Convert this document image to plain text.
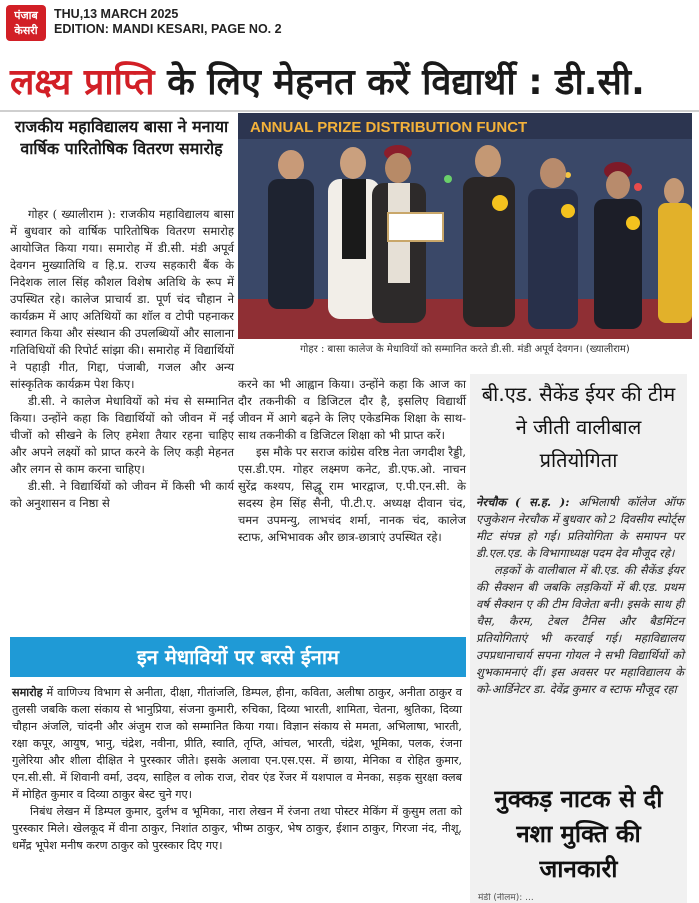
पंजाब
केसरी
THU,13 MARCH 2025
EDITION: MANDI KESARI, PAGE NO. 2
लक्ष्य प्राप्ति के लिए मेहनत करें विद्यार्थी : डी.सी.
राजकीय महाविद्यालय बासा ने मनाया वार्षिक पारितोषिक वितरण समारोह

गोहर ( ख्यालीराम ): राजकीय महाविद्यालय बासा में बुधवार को वार्षिक पारितोषिक वितरण समारोह आयोजित किया गया। समारोह में डी.सी. मंडी अपूर्व देवगन मुख्यातिथि व हि.प्र. राज्य सहकारी बैंक के निदेशक लाल सिंह कौशल विशेष अतिथि के रूप में उपस्थित रहे। कालेज प्राचार्य डा. पूर्ण चंद चौहान ने कार्यक्रम में आए अतिथियों का शॉल व टोपी पहनाकर स्वागत किया और संस्थान की उपलब्धियों और सालाना गतिविधियों की रिपोर्ट सांझा की। समारोह में विद्यार्थियों ने पहाड़ी गीत, गिद्दा, पंजाबी, गजल और अन्य सांस्कृतिक कार्यक्रम पेश किए।

डी.सी. ने कालेज मेधावियों को मंच से सम्मानित किया। उन्होंने कहा कि विद्यार्थियों को जीवन में नई चीजों को सीखने के लिए हमेशा तैयार रहना चाहिए और अपने लक्ष्यों को प्राप्त करने के लिए कड़ी मेहनत और लगन से काम करना चाहिए।

डी.सी. ने विद्यार्थियों को जीवन में किसी भी कार्य को अनुशासन व निष्ठा से

ANNUAL PRIZE DISTRIBUTION FUNCT
गोहर : बासा कालेज के मेधावियों को सम्मानित करते डी.सी. मंडी अपूर्व देवगन। (ख्यालीराम)

करने का भी आह्वान किया। उन्होंने कहा कि आज का दौर तकनीकी व डिजिटल दौर है, इसलिए विद्यार्थी जीवन में आगे बढ़ने के लिए एकेडमिक शिक्षा के साथ-साथ तकनीकी व डिजिटल शिक्षा को भी प्राप्त करें।

इस मौके पर सराज कांग्रेस वरिष्ठ नेता जगदीश रैड्डी, एस.डी.एम. गोहर लक्ष्मण कनेट, डी.एफ.ओ. नाचन सुरेंद्र कश्यप, सिद्धू राम भारद्वाज, ए.पी.एन.सी. के सदस्य हेम सिंह सैनी, पी.टी.ए. अध्यक्ष दीवान चंद, चमन उपमन्यु, लाभचंद शर्मा, नानक चंद, कालेज स्टाफ, अभिभावक और छात्र-छात्राएं उपस्थित रहे।

बी.एड. सैकेंड ईयर की टीम ने जीती वालीबाल प्रतियोगिता

नेरचौक ( स.ह. ): अभिलाषी कॉलेज ऑफ एजुकेशन नेरचौक में बुधवार को 2 दिवसीय स्पोर्ट्स मीट संपन्न हो गई। प्रतियोगिता के समापन पर डी.एल.एड. के विभागाध्यक्ष पदम देव मौजूद रहे।

लड़कों के वालीबाल में बी.एड. की सैकेंड ईयर की सैक्शन बी जबकि लड़कियों में बी.एड. प्रथम वर्ष सैक्शन ए की टीम विजेता बनी। इसके साथ ही चैस, कैरम, टेबल टैनिस और बैडमिंटन प्रतियोगिताएं भी करवाई गई। महाविद्यालय उपप्रधानाचार्य सपना गोयल ने सभी विद्यार्थियों को शुभकामनाएं दीं। इस अवसर पर महाविद्यालय के को-आर्डिनेटर डा. देवेंद्र कुमार व स्टाफ मौजूद रहा

नुक्कड़ नाटक से दी नशा मुक्ति की जानकारी
मंडी (नीलम): ...
इन मेधावियों पर बरसे ईनाम

समारोह में वाणिज्य विभाग से अनीता, दीक्षा, गीतांजलि, डिम्पल, हीना, कविता, अलीषा ठाकुर, अनीता ठाकुर व तुलसी जबकि कला संकाय से भानुप्रिया, संजना कुमारी, रुचिका, दिव्या भारती, शामिता, चेतना, श्रुतिका, दिव्या चौहान अंजलि, चांदनी और अंजुम राज को सम्मानित किया गया। विज्ञान संकाय से ममता, अभिलाषा, भारती, रक्षा कपूर, आयुष, भानु, चंद्रेश, नवीना, प्रीति, स्वाति, तृप्ति, आंचल, भारती, चंद्रेश, भूमिका, पलक, रंजना गुलेरिया और शीला दीक्षित ने पुरस्कार जीते। इसके अलावा एन.एस.एस. में छाया, मेनिका व रोहित कुमार, एन.सी.सी. में शिवानी वर्मा, उदय, साहिल व लोक राज, रोवर एंड रेंजर में यशपाल व मेनका, सड़क सुरक्षा क्लब में मोहित कुमार व दिव्या ठाकुर बेस्ट चुने गए।

निबंध लेखन में डिम्पल कुमार, दुर्लभ व भूमिका, नारा लेखन में रंजना तथा पोस्टर मेकिंग में कुसुम लता को पुरस्कार मिले। खेलकूद में वीना ठाकुर, निशांत ठाकुर, भीष्म ठाकुर, भेष ठाकुर, ईशान ठाकुर, गिरजा नंद, नीशू, धर्मेंद्र भूपेश मनीष करण ठाकुर को पुरस्कार दिए गए।
